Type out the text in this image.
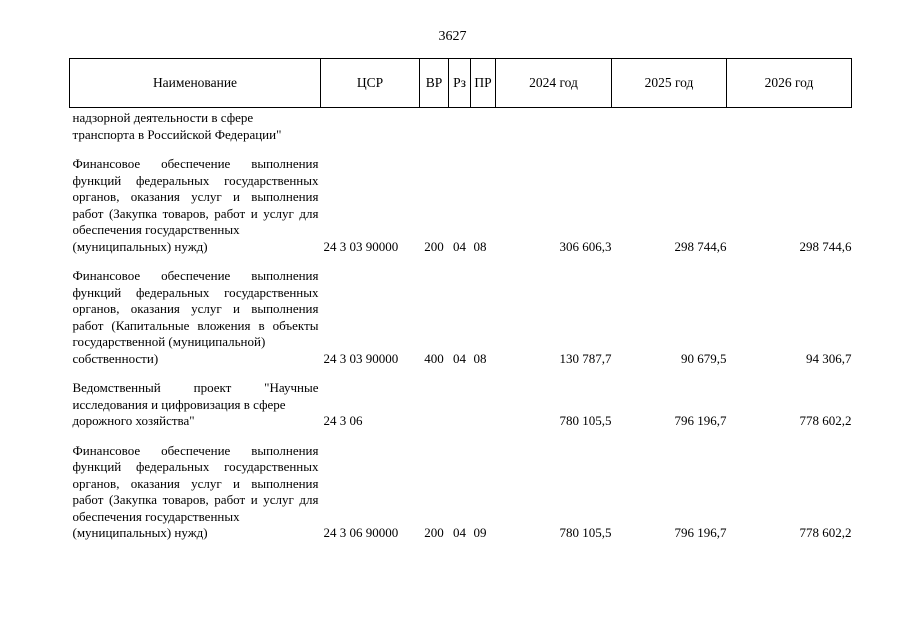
3627
Наименование	ЦСР	ВР	Рз	ПР	2024 год	2025 год	2026 год
надзорной деятельности в сфере
транспорта в Российской Федерации"							

Финансовое обеспечение выполнения функций федеральных государственных органов, оказания услуг и выполнения работ (Закупка товаров, работ и услуг для обеспечения государственных
(муниципальных) нужд)	24 3 03 90000	200	04	08	306 606,3	298 744,6	298 744,6
Финансовое обеспечение выполнения функций федеральных государственных органов, оказания услуг и выполнения работ (Капитальные вложения в объекты государственной (муниципальной)
собственности)	24 3 03 90000	400	04	08	130 787,7	90 679,5	94 306,7
Ведомственный проект "Научные исследования и цифровизация в сфере
дорожного хозяйства"	24 3 06				780 105,5	796 196,7	778 602,2
Финансовое обеспечение выполнения функций федеральных государственных органов, оказания услуг и выполнения работ (Закупка товаров, работ и услуг для обеспечения государственных
(муниципальных) нужд)	24 3 06 90000	200	04	09	780 105,5	796 196,7	778 602,2
